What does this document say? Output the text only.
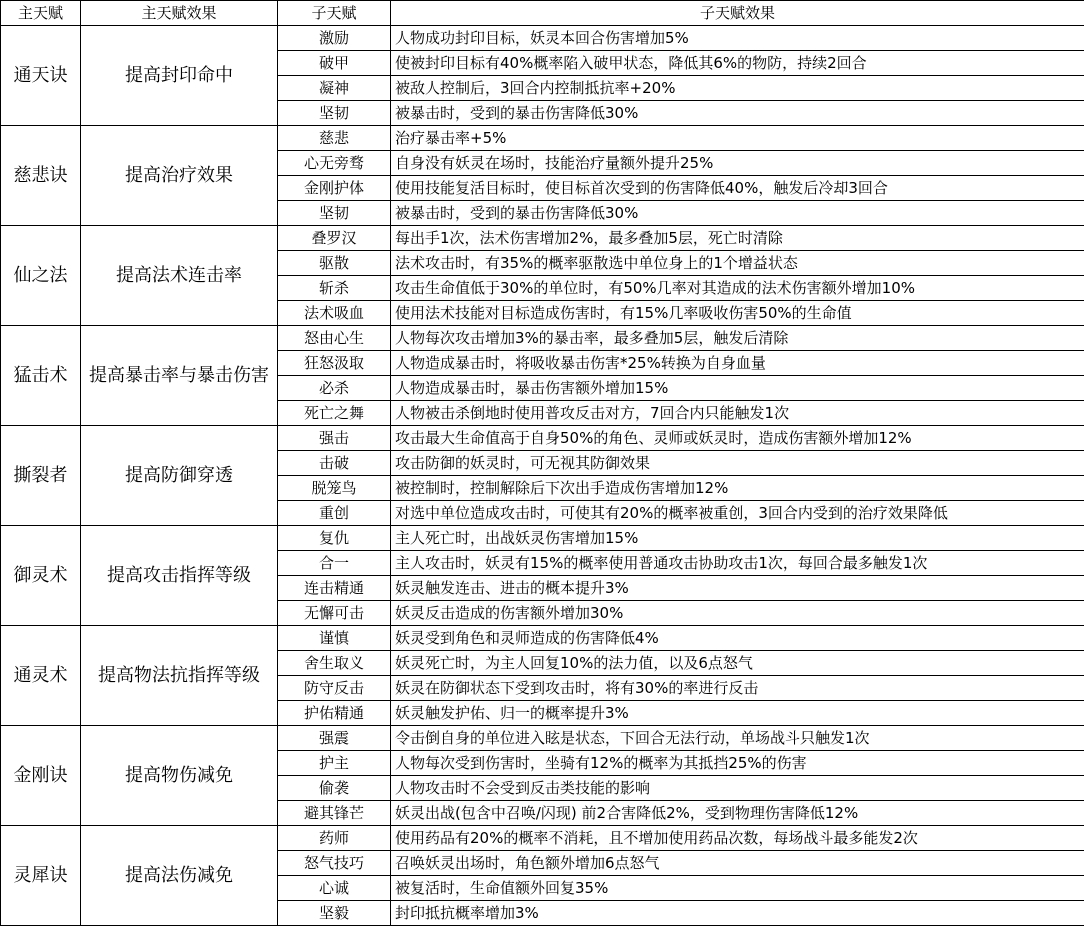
主天赋	主天赋效果	子天赋	子天赋效果
通天诀	提高封印命中	激励	人物成功封印目标，妖灵本回合伤害增加5%
		破甲	使被封印目标有40%概率陷入破甲状态，降低其6%的物防，持续2回合
		凝神	被敌人控制后，3回合内控制抵抗率+20%
		坚韧	被暴击时，受到的暴击伤害降低30%
慈悲诀	提高治疗效果	慈悲	治疗暴击率+5%
		心无旁骛	自身没有妖灵在场时，技能治疗量额外提升25%
		金刚护体	使用技能复活目标时，使目标首次受到的伤害降低40%，触发后冷却3回合
		坚韧	被暴击时，受到的暴击伤害降低30%
仙之法	提高法术连击率	叠罗汉	每出手1次，法术伤害增加2%，最多叠加5层，死亡时清除
		驱散	法术攻击时，有35%的概率驱散选中单位身上的1个增益状态
		斩杀	攻击生命值低于30%的单位时，有50%几率对其造成的法术伤害额外增加10%
		法术吸血	使用法术技能对目标造成伤害时，有15%几率吸收伤害50%的生命值
猛击术	提高暴击率与暴击伤害	怒由心生	人物每次攻击增加3%的暴击率，最多叠加5层，触发后清除
		狂怒汲取	人物造成暴击时，将吸收暴击伤害*25%转换为自身血量
		必杀	人物造成暴击时，暴击伤害额外增加15%
		死亡之舞	人物被击杀倒地时使用普攻反击对方，7回合内只能触发1次
撕裂者	提高防御穿透	强击	攻击最大生命值高于自身50%的角色、灵师或妖灵时，造成伤害额外增加12%
		击破	攻击防御的妖灵时，可无视其防御效果
		脱笼鸟	被控制时，控制解除后下次出手造成伤害增加12%
		重创	对选中单位造成攻击时，可使其有20%的概率被重创，3回合内受到的治疗效果降低
御灵术	提高攻击指挥等级	复仇	主人死亡时，出战妖灵伤害增加15%
		合一	主人攻击时，妖灵有15%的概率使用普通攻击协助攻击1次，每回合最多触发1次
		连击精通	妖灵触发连击、进击的概本提升3%
		无懈可击	妖灵反击造成的伤害额外增加30%
通灵术	提高物法抗指挥等级	谨慎	妖灵受到角色和灵师造成的伤害降低4%
		舍生取义	妖灵死亡时，为主人回复10%的法力值，以及6点怒气
		防守反击	妖灵在防御状态下受到攻击时，将有30%的率进行反击
		护佑精通	妖灵触发护佑、归一的概率提升3%
金刚诀	提高物伤减免	强震	令击倒自身的单位进入眩是状态，下回合无法行动，单场战斗只触发1次
		护主	人物每次受到伤害时，坐骑有12%的概率为其抵挡25%的伤害
		偷袭	人物攻击时不会受到反击类技能的影响
		避其锋芒	妖灵出战(包含中召唤/闪现) 前2合害降低2%，受到物理伤害降低12%
灵犀诀	提高法伤减免	药师	使用药品有20%的概率不消耗，且不增加使用药品次数，每场战斗最多能发2次
		怒气技巧	召唤妖灵出场时，角色额外增加6点怒气
		心诚	被复活时，生命值额外回复35%
		坚毅	封印抵抗概率增加3%
